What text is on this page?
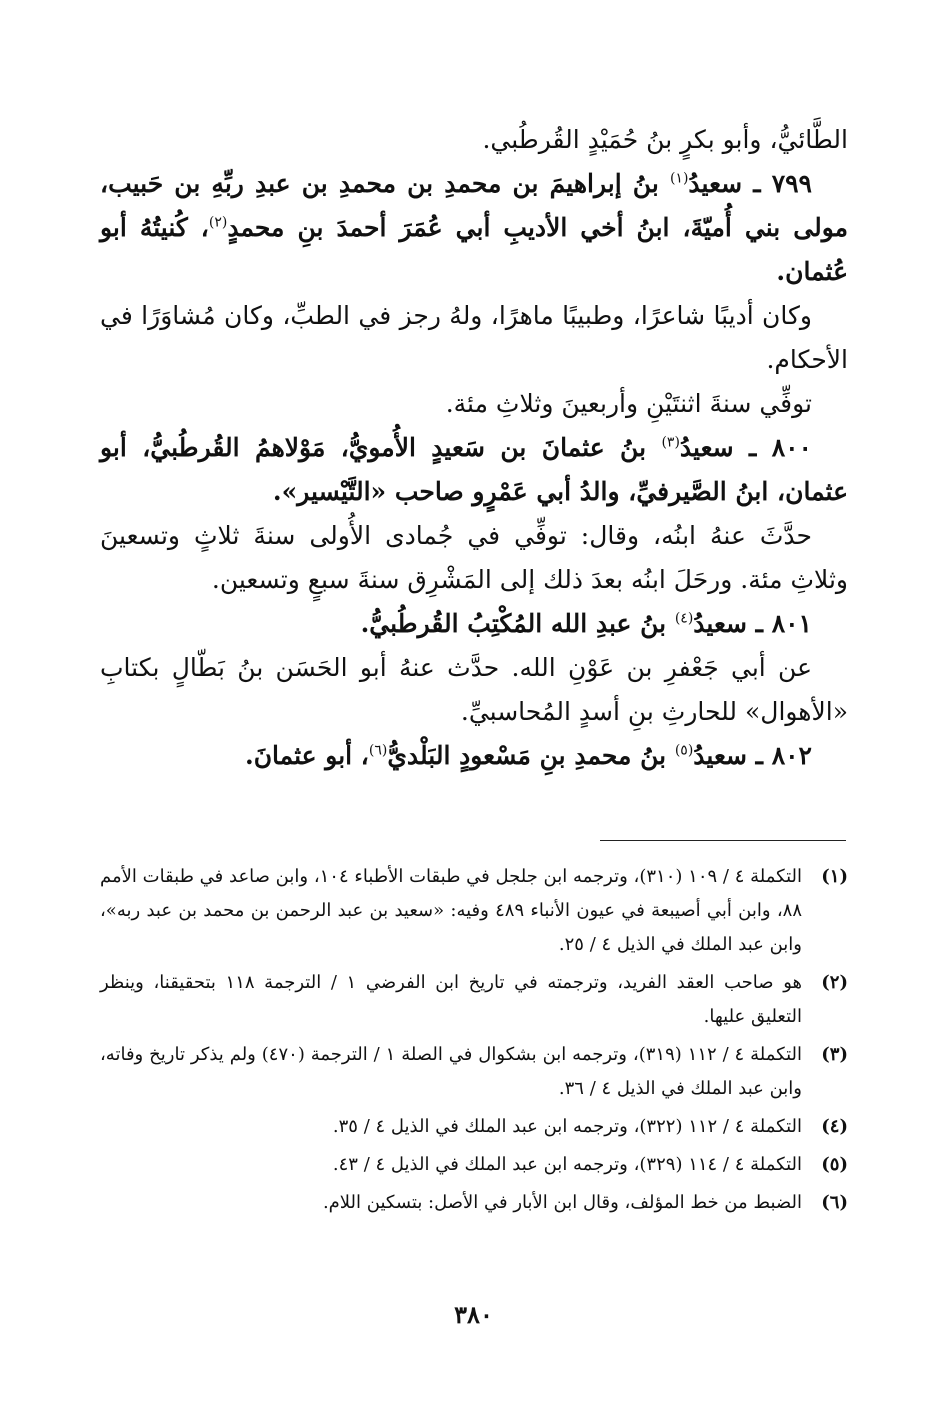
الطَّائيُّ، وأبو بكرٍ بنُ حُمَيْدٍ القُرطُبي.

٧٩٩ ـ سعيدُ$^{(١)}$ بنُ إبراهيمَ بن محمدِ بن محمدِ بن عبدِ ربِّهِ بن حَبيب، مولى بني أُميّةَ، ابنُ أخي الأديبِ أبي عُمَرَ أحمدَ بنِ محمدٍ$^{(٢)}$، كُنيتُهُ أبو عُثمان.

وكان أديبًا شاعرًا، وطبيبًا ماهرًا، ولهُ رجز في الطبِّ، وكان مُشاوَرًا في الأحكام.

توفِّي سنةَ اثنتَيْنِ وأربعينَ وثلاثِ مئة.

٨٠٠ ـ سعيدُ$^{(٣)}$ بنُ عثمانَ بن سَعيدٍ الأُمويُّ، مَوْلاهمُ القُرطُبيُّ، أبو عثمان، ابنُ الصَّيرفيِّ، والدُ أبي عَمْرٍو صاحب «التَّيْسير».

حدَّثَ عنهُ ابنُه، وقال: توفِّي في جُمادى الأُولى سنةَ ثلاثٍ وتسعينَ وثلاثِ مئة. ورحَلَ ابنُه بعدَ ذلك إلى المَشْرِق سنةَ سبعٍ وتسعين.

٨٠١ ـ سعيدُ$^{(٤)}$ بنُ عبدِ الله المُكْتِبُ القُرطُبيُّ.

عن أبي جَعْفرِ بن عَوْنِ الله. حدَّث عنهُ أبو الحَسَن بنُ بَطّالٍ بكتابِ «الأهوال» للحارثِ بنِ أسدٍ المُحاسبيِّ.

٨٠٢ ـ سعيدُ$^{(٥)}$ بنُ محمدِ بنِ مَسْعودٍ البَلْديُّ$^{(٦)}$، أبو عثمانَ.

(١)
التكملة ٤ / ١٠٩ (٣١٠)، وترجمه ابن جلجل في طبقات الأطباء ١٠٤، وابن صاعد في طبقات الأمم ٨٨، وابن أبي أصيبعة في عيون الأنباء ٤٨٩ وفيه: «سعيد بن عبد الرحمن بن محمد بن عبد ربه»، وابن عبد الملك في الذيل ٤ / ٢٥.
(٢)
هو صاحب العقد الفريد، وترجمته في تاريخ ابن الفرضي ١ / الترجمة ١١٨ بتحقيقنا، وينظر التعليق عليها.
(٣)
التكملة ٤ / ١١٢ (٣١٩)، وترجمه ابن بشكوال في الصلة ١ / الترجمة (٤٧٠) ولم يذكر تاريخ وفاته، وابن عبد الملك في الذيل ٤ / ٣٦.
(٤)
التكملة ٤ / ١١٢ (٣٢٢)، وترجمه ابن عبد الملك في الذيل ٤ / ٣٥.
(٥)
التكملة ٤ / ١١٤ (٣٢٩)، وترجمه ابن عبد الملك في الذيل ٤ / ٤٣.
(٦)
الضبط من خط المؤلف، وقال ابن الأبار في الأصل: بتسكين اللام.
٣٨٠
